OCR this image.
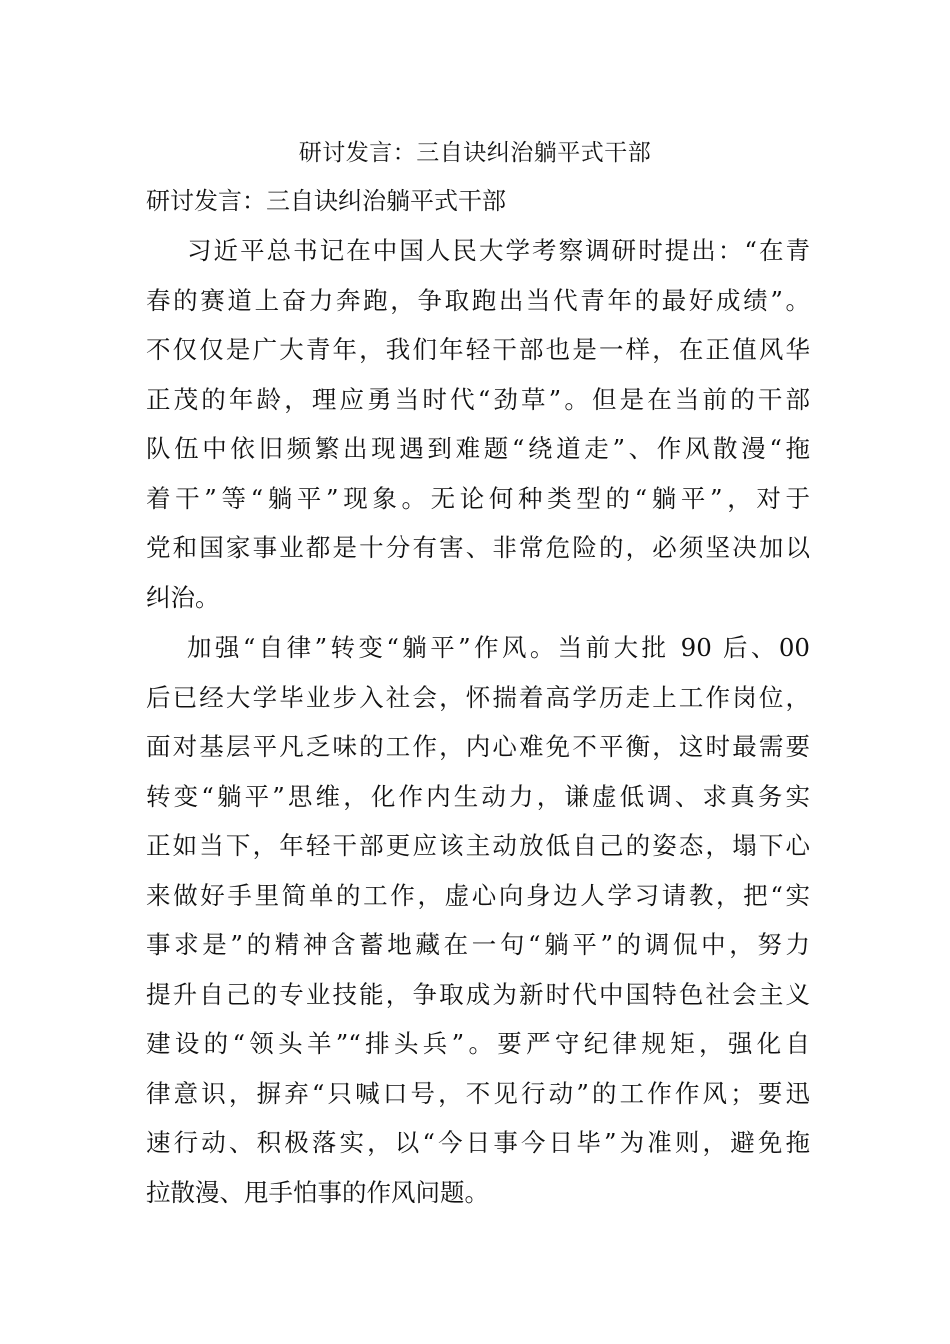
研讨发言：三自诀纠治躺平式干部
研讨发言：三自诀纠治躺平式干部
习近平总书记在中国人民大学考察调研时提出：“在青
春的赛道上奋力奔跑，争取跑出当代青年的最好成绩”。
不仅仅是广大青年，我们年轻干部也是一样，在正值风华
正茂的年龄，理应勇当时代“劲草”。但是在当前的干部
队伍中依旧频繁出现遇到难题“绕道走”、作风散漫“拖
着干”等“躺平”现象。无论何种类型的“躺平”，对于
党和国家事业都是十分有害、非常危险的，必须坚决加以
纠治。
加强“自律”转变“躺平”作风。当前大批 90 后、00
后已经大学毕业步入社会，怀揣着高学历走上工作岗位，
面对基层平凡乏味的工作，内心难免不平衡，这时最需要
转变“躺平”思维，化作内生动力，谦虚低调、求真务实
正如当下，年轻干部更应该主动放低自己的姿态，塌下心
来做好手里简单的工作，虚心向身边人学习请教，把“实
事求是”的精神含蓄地藏在一句“躺平”的调侃中，努力
提升自己的专业技能，争取成为新时代中国特色社会主义
建设的“领头羊”“排头兵”。要严守纪律规矩，强化自
律意识，摒弃“只喊口号，不见行动”的工作作风；要迅
速行动、积极落实，以“今日事今日毕”为准则，避免拖
拉散漫、甩手怕事的作风问题。
